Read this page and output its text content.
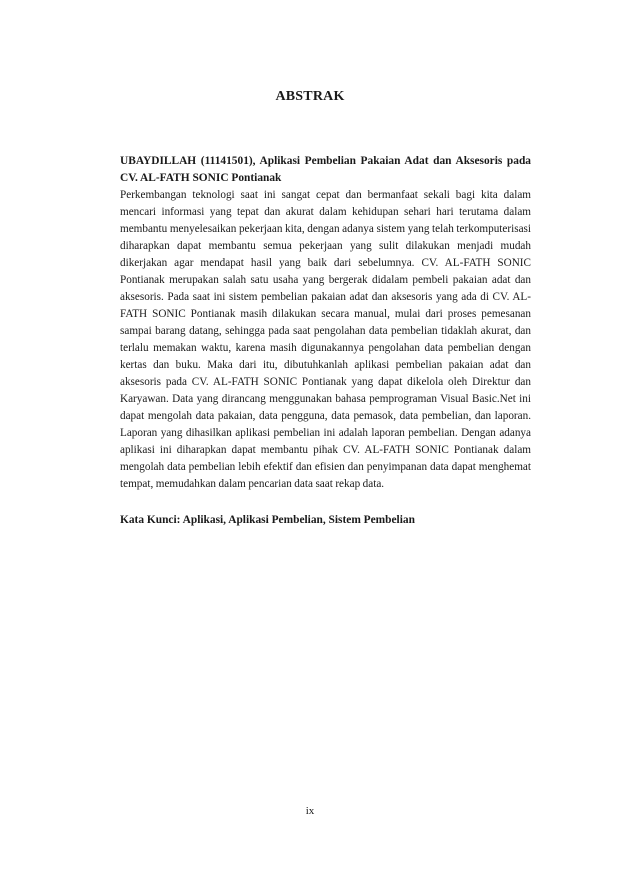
ABSTRAK

UBAYDILLAH (11141501), Aplikasi Pembelian Pakaian Adat dan Aksesoris pada CV. AL-FATH SONIC Pontianak

Perkembangan teknologi saat ini sangat cepat dan bermanfaat sekali bagi kita dalam mencari informasi yang tepat dan akurat dalam kehidupan sehari hari terutama dalam membantu menyelesaikan pekerjaan kita, dengan adanya sistem yang telah terkomputerisasi diharapkan dapat membantu semua pekerjaan yang sulit dilakukan menjadi mudah dikerjakan agar mendapat hasil yang baik dari sebelumnya. CV. AL-FATH SONIC Pontianak merupakan salah satu usaha yang bergerak didalam pembeli pakaian adat dan aksesoris. Pada saat ini sistem pembelian pakaian adat dan aksesoris yang ada di CV. AL-FATH SONIC Pontianak masih dilakukan secara manual, mulai dari proses pemesanan sampai barang datang, sehingga pada saat pengolahan data pembelian tidaklah akurat, dan terlalu memakan waktu, karena masih digunakannya pengolahan data pembelian dengan kertas dan buku. Maka dari itu, dibutuhkanlah aplikasi pembelian pakaian adat dan aksesoris pada CV. AL-FATH SONIC Pontianak yang dapat dikelola oleh Direktur dan Karyawan. Data yang dirancang menggunakan bahasa pemprograman Visual Basic.Net ini dapat mengolah data pakaian, data pengguna, data pemasok, data pembelian, dan laporan. Laporan yang dihasilkan aplikasi pembelian ini adalah laporan pembelian. Dengan adanya aplikasi ini diharapkan dapat membantu pihak CV. AL-FATH SONIC Pontianak dalam mengolah data pembelian lebih efektif dan efisien dan penyimpanan data dapat menghemat tempat, memudahkan dalam pencarian data saat rekap data.

Kata Kunci: Aplikasi, Aplikasi Pembelian, Sistem Pembelian

ix
